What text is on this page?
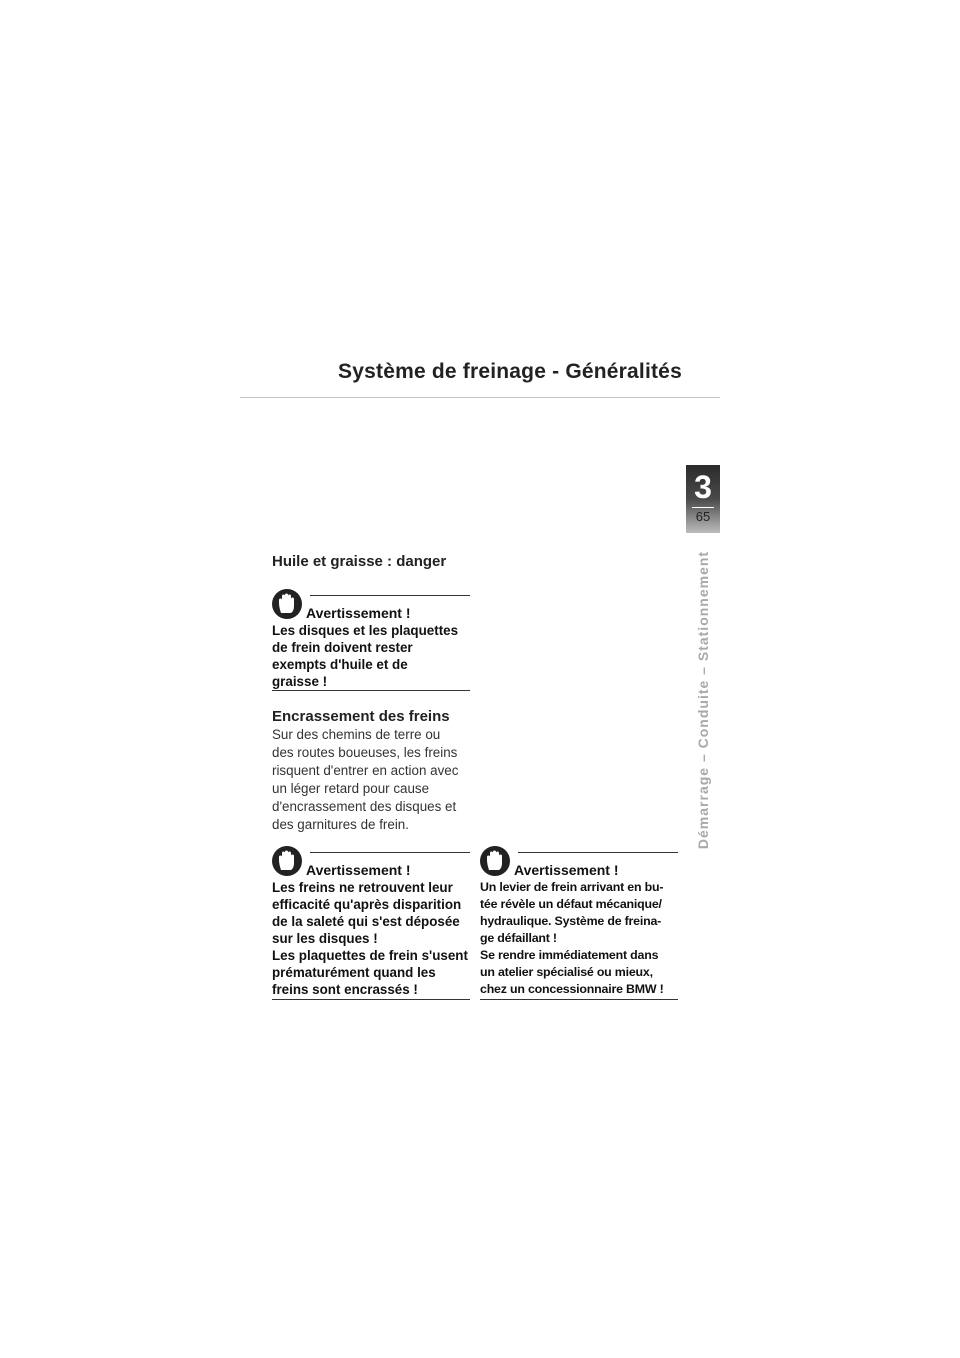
Système de freinage - Généralités
3
65
Démarrage – Conduite – Stationnement
Huile et graisse : danger
Avertissement !
Les disques et les plaquettes
de frein doivent rester
exempts d'huile et de
graisse !
Encrassement des freins
Sur des chemins de terre ou
des routes boueuses, les freins
risquent d'entrer en action avec
un léger retard pour cause
d'encrassement des disques et
des garnitures de frein.
Avertissement !
Les freins ne retrouvent leur
efficacité qu'après disparition
de la saleté qui s'est déposée
sur les disques !
Les plaquettes de frein s'usent
prématurément quand les
freins sont encrassés !
Avertissement !
Un levier de frein arrivant en bu-
tée révèle un défaut mécanique/
hydraulique. Système de freina-
ge défaillant !
Se rendre immédiatement dans
un atelier spécialisé ou mieux,
chez un concessionnaire BMW !
